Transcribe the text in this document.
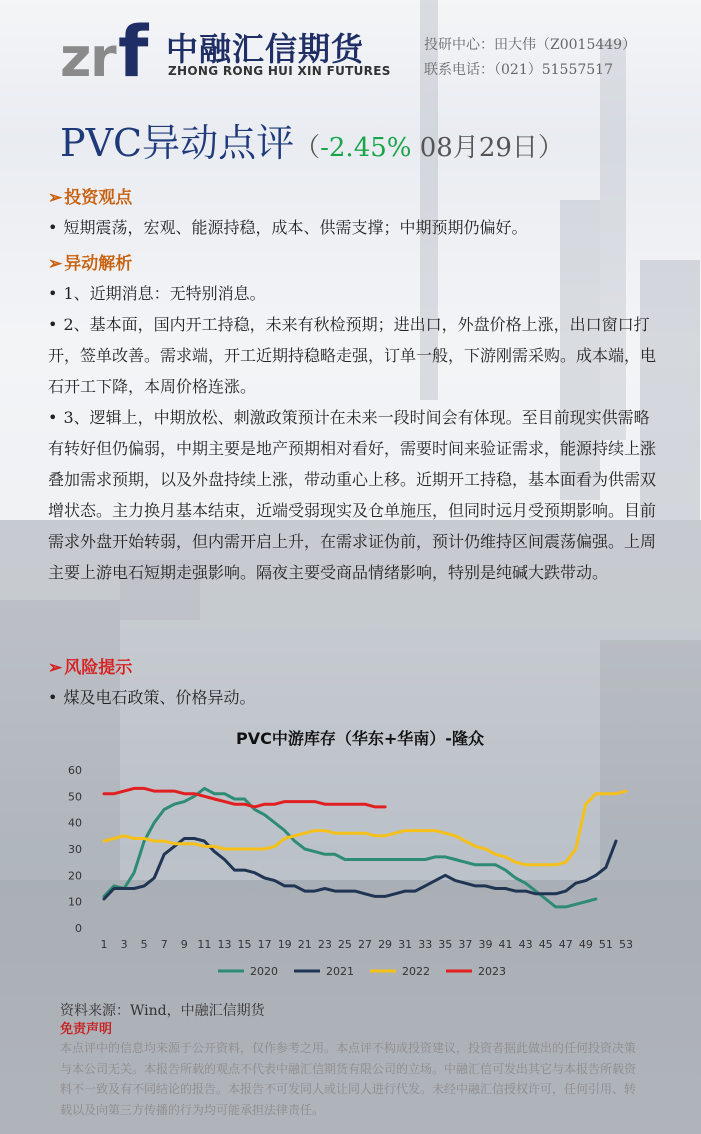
z
r f 中融汇信期货
ZHONG RONG HUI XIN FUTURES
投研中心：田大伟（Z0015449）
联系电话：（021）51557517
PVC异动点评（-2.45% 08月29日）
➢ 投资观点
• 短期震荡，宏观、能源持稳，成本、供需支撑；中期预期仍偏好。
➢ 异动解析
• 1、近期消息：无特别消息。
• 2、基本面，国内开工持稳，未来有秋检预期；进出口，外盘价格上涨，出口窗口打开，签单改善。需求端，开工近期持稳略走强，订单一般，下游刚需采购。成本端，电石开工下降，本周价格连涨。
• 3、逻辑上，中期放松、刺激政策预计在未来一段时间会有体现。至目前现实供需略有转好但仍偏弱，中期主要是地产预期相对看好，需要时间来验证需求，能源持续上涨叠加需求预期，以及外盘持续上涨，带动重心上移。近期开工持稳，基本面看为供需双增状态。主力换月基本结束，近端受弱现实及仓单施压，但同时远月受预期影响。目前需求外盘开始转弱，但内需开启上升，在需求证伪前，预计仍维持区间震荡偏强。上周主要上游电石短期走强影响。隔夜主要受商品情绪影响，特别是纯碱大跌带动。
➢ 风险提示
• 煤及电石政策、价格异动。
PVC中游库存（华东+华南）-隆众
0
10
20
30
40
50
60
1 3 5 7 9 11 13 15 17 19 21 23 25 27 29 31 33 35 37 39 41 43 45 47 49 51 53
2020	2021	2022	2023
资料来源：Wind，中融汇信期货
免责声明
本点评中的信息均来源于公开资料，仅作参考之用。本点评不构成投资建议，投资者据此做出的任何投资决策与本公司无关。本报告所载的观点不代表中融汇信期货有限公司的立场。中融汇信可发出其它与本报告所载资料不一致及有不同结论的报告。本报告不可发同人或让同人进行代发。未经中融汇信授权许可，任何引用、转载以及向第三方传播的行为均可能承担法律责任。
